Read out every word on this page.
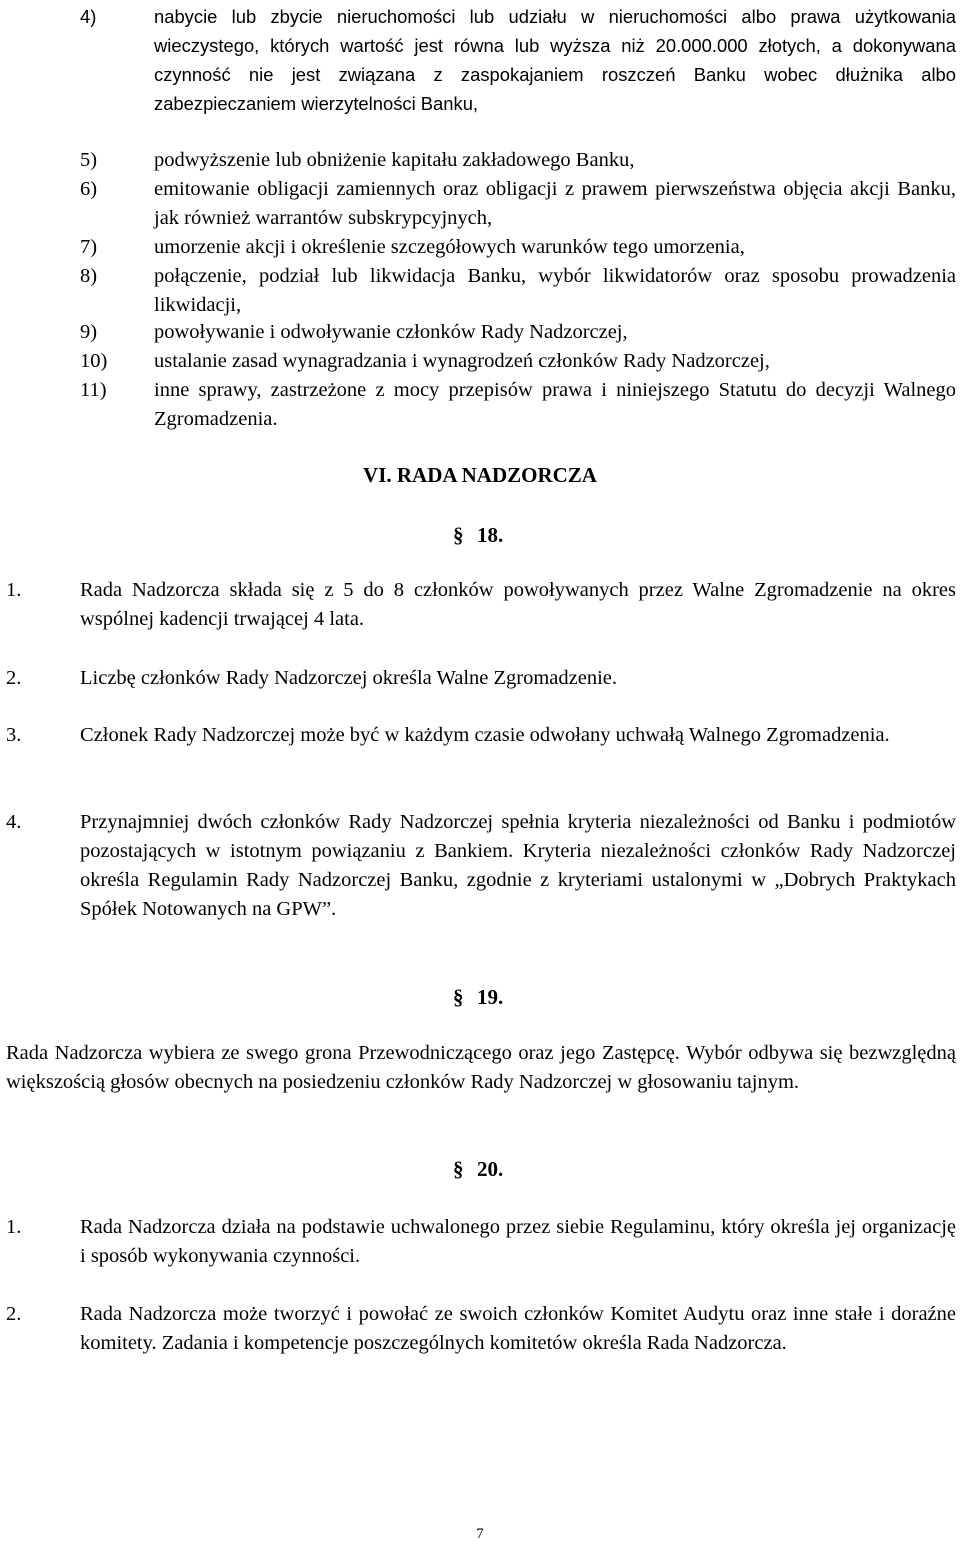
4)	nabycie lub zbycie nieruchomości lub udziału w nieruchomości albo prawa użytkowania wieczystego, których wartość jest równa lub wyższa niż 20.000.000 złotych, a dokonywana czynność nie jest związana z zaspokajaniem roszczeń Banku wobec dłużnika albo zabezpieczaniem wierzytelności Banku,
5)	podwyższenie lub obniżenie kapitału zakładowego Banku,
6)	emitowanie obligacji zamiennych oraz obligacji z prawem pierwszeństwa objęcia akcji Banku, jak również warrantów subskrypcyjnych,
7)	umorzenie akcji i określenie szczegółowych warunków tego umorzenia,
8)	połączenie, podział lub likwidacja Banku, wybór likwidatorów oraz sposobu prowadzenia likwidacji,
9)	powoływanie i odwoływanie członków Rady Nadzorczej,
10) ustalanie zasad wynagradzania i wynagrodzeń członków Rady Nadzorczej,
11) inne sprawy, zastrzeżone z mocy przepisów prawa i niniejszego Statutu do decyzji Walnego Zgromadzenia.
VI. RADA NADZORCZA
§ 18.
1.	Rada Nadzorcza składa się z 5 do 8 członków powoływanych przez Walne Zgromadzenie na okres wspólnej kadencji trwającej 4 lata.
2.	Liczbę członków Rady Nadzorczej określa Walne Zgromadzenie.
3.	Członek Rady Nadzorczej może być w każdym czasie odwołany uchwałą Walnego Zgromadzenia.
4.	Przynajmniej dwóch członków Rady Nadzorczej spełnia kryteria niezależności od Banku i podmiotów pozostających w istotnym powiązaniu z Bankiem. Kryteria niezależności członków Rady Nadzorczej określa Regulamin Rady Nadzorczej Banku, zgodnie z kryteriami ustalonymi w „Dobrych Praktykach Spółek Notowanych na GPW”.
§ 19.
Rada Nadzorcza wybiera ze swego grona Przewodniczącego oraz jego Zastępcę. Wybór odbywa się bezwzględną większością głosów obecnych na posiedzeniu członków Rady Nadzorczej w głosowaniu tajnym.
§ 20.
1.	Rada Nadzorcza działa na podstawie uchwalonego przez siebie Regulaminu, który określa jej organizację i sposób wykonywania czynności.
2.	Rada Nadzorcza może tworzyć i powołać ze swoich członków Komitet Audytu oraz inne stałe i doraźne komitety. Zadania i kompetencje poszczególnych komitetów określa Rada Nadzorcza.
7
